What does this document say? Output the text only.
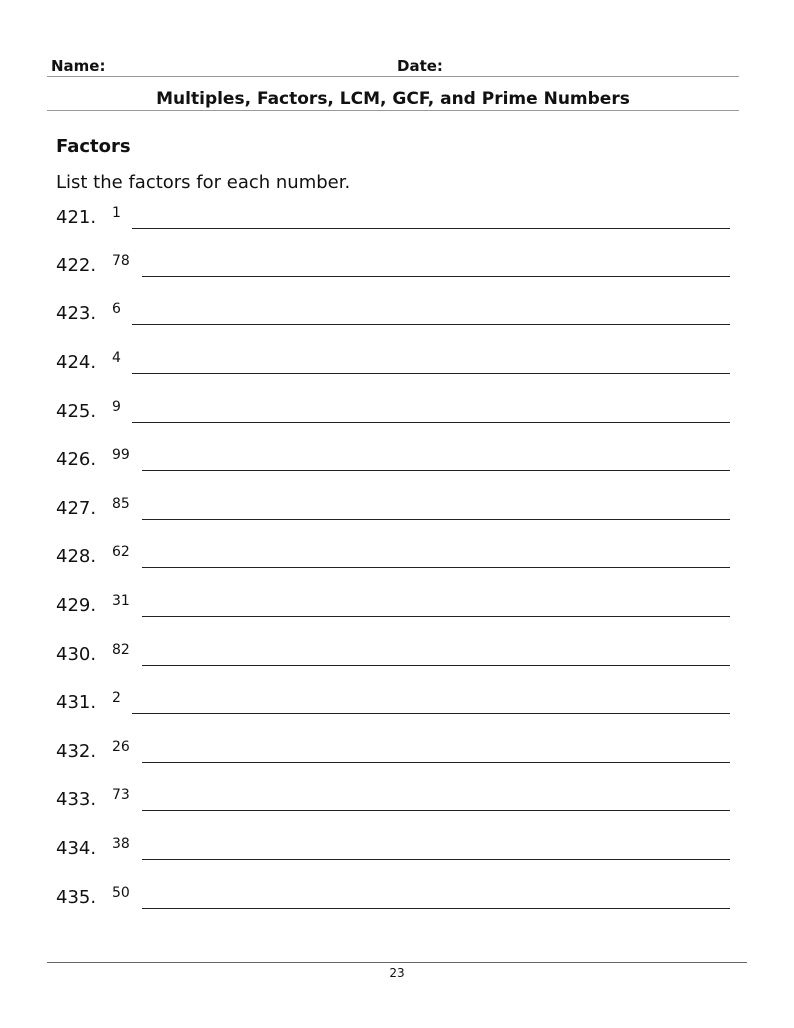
Name:	Date:
Multiples, Factors, LCM, GCF, and Prime Numbers
Factors
List the factors for each number.
421. 1
422. 78
423. 6
424. 4
425. 9
426. 99
427. 85
428. 62
429. 31
430. 82
431. 2
432. 26
433. 73
434. 38
435. 50
23
